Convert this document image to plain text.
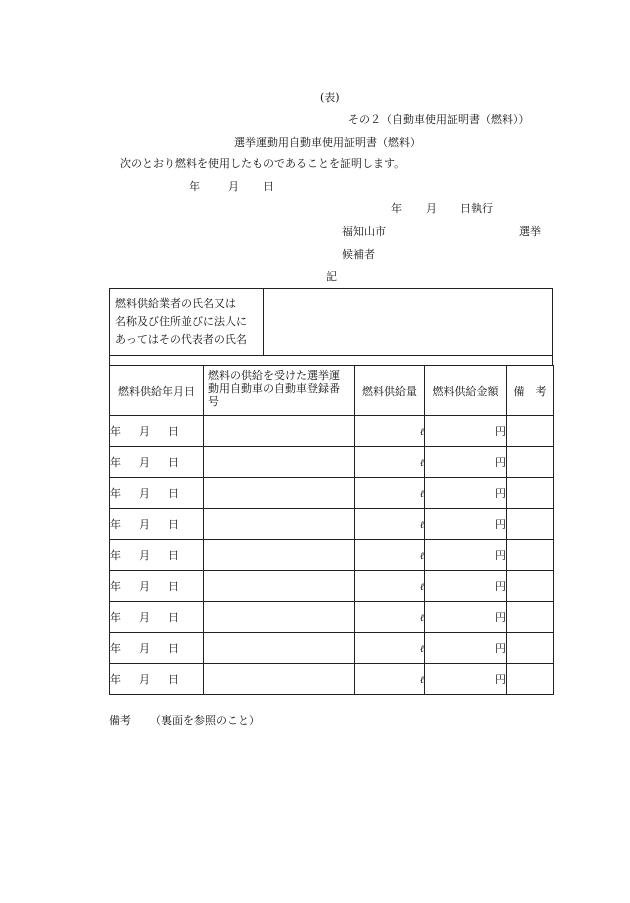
(表)
その２（自動車使用証明書（燃料））
選挙運動用自動車使用証明書（燃料）
次のとおり燃料を使用したものであることを証明します。
年	月 日
年 月 日執行
福知山市	選挙
候補者
記
燃料供給業者の氏名又は
名称及び住所並びに法人に
あってはその代表者の氏名

燃料供給年月日	燃料の供給を受けた選挙運
動用自動車の自動車登録番
号	燃料供給量	燃料供給金額	備　考
年 月 日		ℓ	円	
年 月 日		ℓ	円	
年 月 日		ℓ	円	
年 月 日		ℓ	円	
年 月 日		ℓ	円	
年 月 日		ℓ	円	
年 月 日		ℓ	円	
年 月 日		ℓ	円	
年 月 日		ℓ	円	
備考 （裏面を参照のこと）
